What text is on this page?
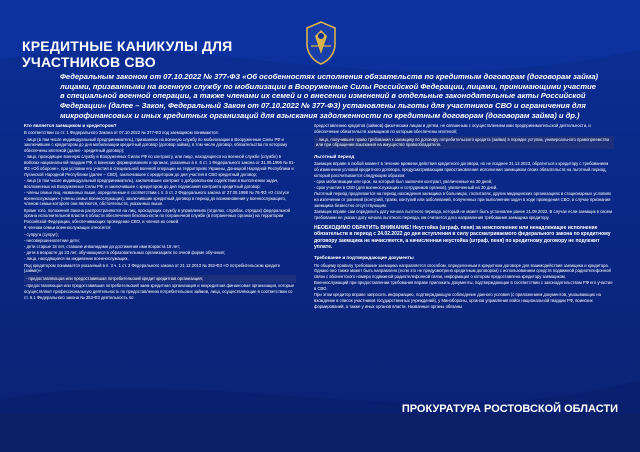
КРЕДИТНЫЕ КАНИКУЛЫ ДЛЯ УЧАСТНИКОВ СВО
Федеральным законом от 07.10.2022 № 377-ФЗ «Об особенностях исполнения обязательств по кредитным договорам (договорам займа) лицами, призванными на военную службу по мобилизации в Вооруженные Силы Российской Федерации, лицами, принимающими участие в специальной военной операции, а также членами их семей и о внесении изменений в отдельные законодательные акты Российской Федерации» (далее – Закон, Федеральный Закон от 07.10.2022 № 377-ФЗ) установлены льготы для участников СВО и ограничения для микрофинансовых и иных кредитных организаций для взыскания задолженности по кредитным договорам (договорам займа) и др.)
Кто является заемщиком и кредитором?

В соответствии со ст. 1 Федерального Закона от 07.10.2022 № 377-ФЗ под заемщиком понимаются:

- лицо (в том числе индивидуальный предприниматель), призванное на военную службу по мобилизации в Вооруженные Силы РФ и заключившее с кредитором до дня мобилизации кредитный договор (договор займа), в том числе договор, обязательства по которому обеспечены ипотекой (далее - кредитный договор);

- лицо, проходящее военную службу в Вооруженных Силах РФ по контракту, или лицо, находящееся на военной службе (службе) в войсках национальной гвардии РФ, в воинских формированиях и органах, указанных в п. 6 ст. 1 Федерального закона от 31.05.1996 № 61-ФЗ «Об обороне», при условии его участия в специальной военной операции на территориях Украины, Донецкой Народной Республики и Луганской Народной Республики (далее – СВО), заключившее с кредитором до дня участия в СВО кредитный договор;

- лицо (в том числе индивидуальный предприниматель), заключившее контракт о добровольном содействии в выполнении задач, возложенных на Вооруженные Силы РФ, и заключившее с кредитором до дня подписания контракта кредитный договор;

- члены семьи лиц, названных выше, определенные в соответствии с п. 5 ст. 2 Федерального закона от 27.05.1998 № 76-ФЗ «О статусе военнослужащих» (члены семьи военнослужащих), заключившие кредитный договор в период до возникновения у военнослужащего, членом семьи которого они являются, обстоятельств, указанных выше.

Кроме того, положения Закона распространяются на лиц, проходящих службу в управлениях (отделах, службах, отрядах) федеральной органа исполнительной власти в области обеспечения безопасности по пограничной службе (в пограничных органах) на территории Российской Федерации, обеспечивающих проведение СВО, и членов их семей.

К членам семьи военнослужащих относятся:

- супруга (супруг);

- несовершеннолетние дети;

- дети старше 18 лет, ставшие инвалидами до достижения ими возраста 18 лет;

- дети в возрасте до 23 лет, обучающиеся в образовательных организациях по очной форме обучения;

- лица, находящиеся на иждивении военнослужащих.

Под кредитором понимается указанный в п. 3 ч. 1 ст. 3 Федерального закона от 21.12.2013 № 353-ФЗ «О потребительском кредите (займе)»:

- предоставляющая или предоставившая потребительский кредит кредитная организация;

- предоставляющая или предоставившая потребительский заем кредитная организация и некредитная финансовая организация, которые осуществляют профессиональную деятельность по предоставлению потребительских займов, лица, осуществляющие в соответствии со ст. 6.1 Федерального закона № 353-ФЗ деятельность по

предоставлению кредитов (займов) физическим лицам и детям, не связанным с осуществлением ими предпринимательской деятельности, и обеспечение обязательств заемщиков по которым обеспечены ипотекой;

- лицо, получившее право требования к заемщику по договору потребительского кредита (займа) в порядке уступки, универсального правопреемства или при обращении взыскания на имущество правообладателя.

Льготный период

Заемщик вправе в любой момент в течение времени действия кредитного договора, но не позднее 31.12.2023, обратиться к кредитору с требованием об изменении условий кредитного договора, предусматривающим приостановление исполнения заемщиком своих обязательств на льготный период, который рассчитывается следующим образом:

- срок мобилизации или срок, на который был заключен контракт, увеличенные на 30 дней;

- срок участия в СВО (для военнослужащих и сотрудников органов), увеличенный на 30 дней.

Льготный период продлевается на период нахождения заемщика в больницах, госпиталях, других медицинских организациях в стационарных условиях на излечении от ранений (контузий, травм, контузий или заболеваний, полученных при выполнении задач в ходе проведения СВО, в случае признания заемщика безвестно отсутствующим.

Заемщик вправе сам определить дату начала льготного периода, который не может быть установлен ранее 21.09.2022. В случае если заемщик в своем требовании не указал дату начала льготного периода, им считается дата направления требования заемщика кредитору.

НЕОБХОДИМО ОБРАТИТЬ ВНИМАНИЕ! Неустойка (штраф, пеня) за неисполнение или ненадлежащее исполнение обязательств в период с 24.02.2022 до дня вступления в силу рассматриваемого федерального закона по кредитному договору заемщика не начисляется, а начисленная неустойка (штраф, пеня) по кредитному договору не подлежит уплате.

Требование и подтверждающие документы

По общему правилу требование заемщика направляется способом, определенным в кредитном договоре для взаимодействия заемщика и кредитора. Однако оно также может быть направлено (если это не предусмотрено кредитным договором) с использованием средств подвижной радиотелефонной связи с абонентского номера подвижной радиотелефонной связи, информация о котором предоставлена кредитору заемщиком.

Военнослужащий при предоставлении требования вправе приложить документы, подтверждающие в соответствии с законодательством РФ его участие в СВО.

При этом кредитор вправе запросить информацию, подтверждающую соблюдение данного условия (с приложением документов, указывающих на вхождение в список участников государственных учреждений), у Минобороны, органов управления войск национальной гвардии РФ, воинских формирований, а также у иных органов власти. Названные органы обязаны

ПРОКУРАТУРА РОСТОВСКОЙ ОБЛАСТИ
